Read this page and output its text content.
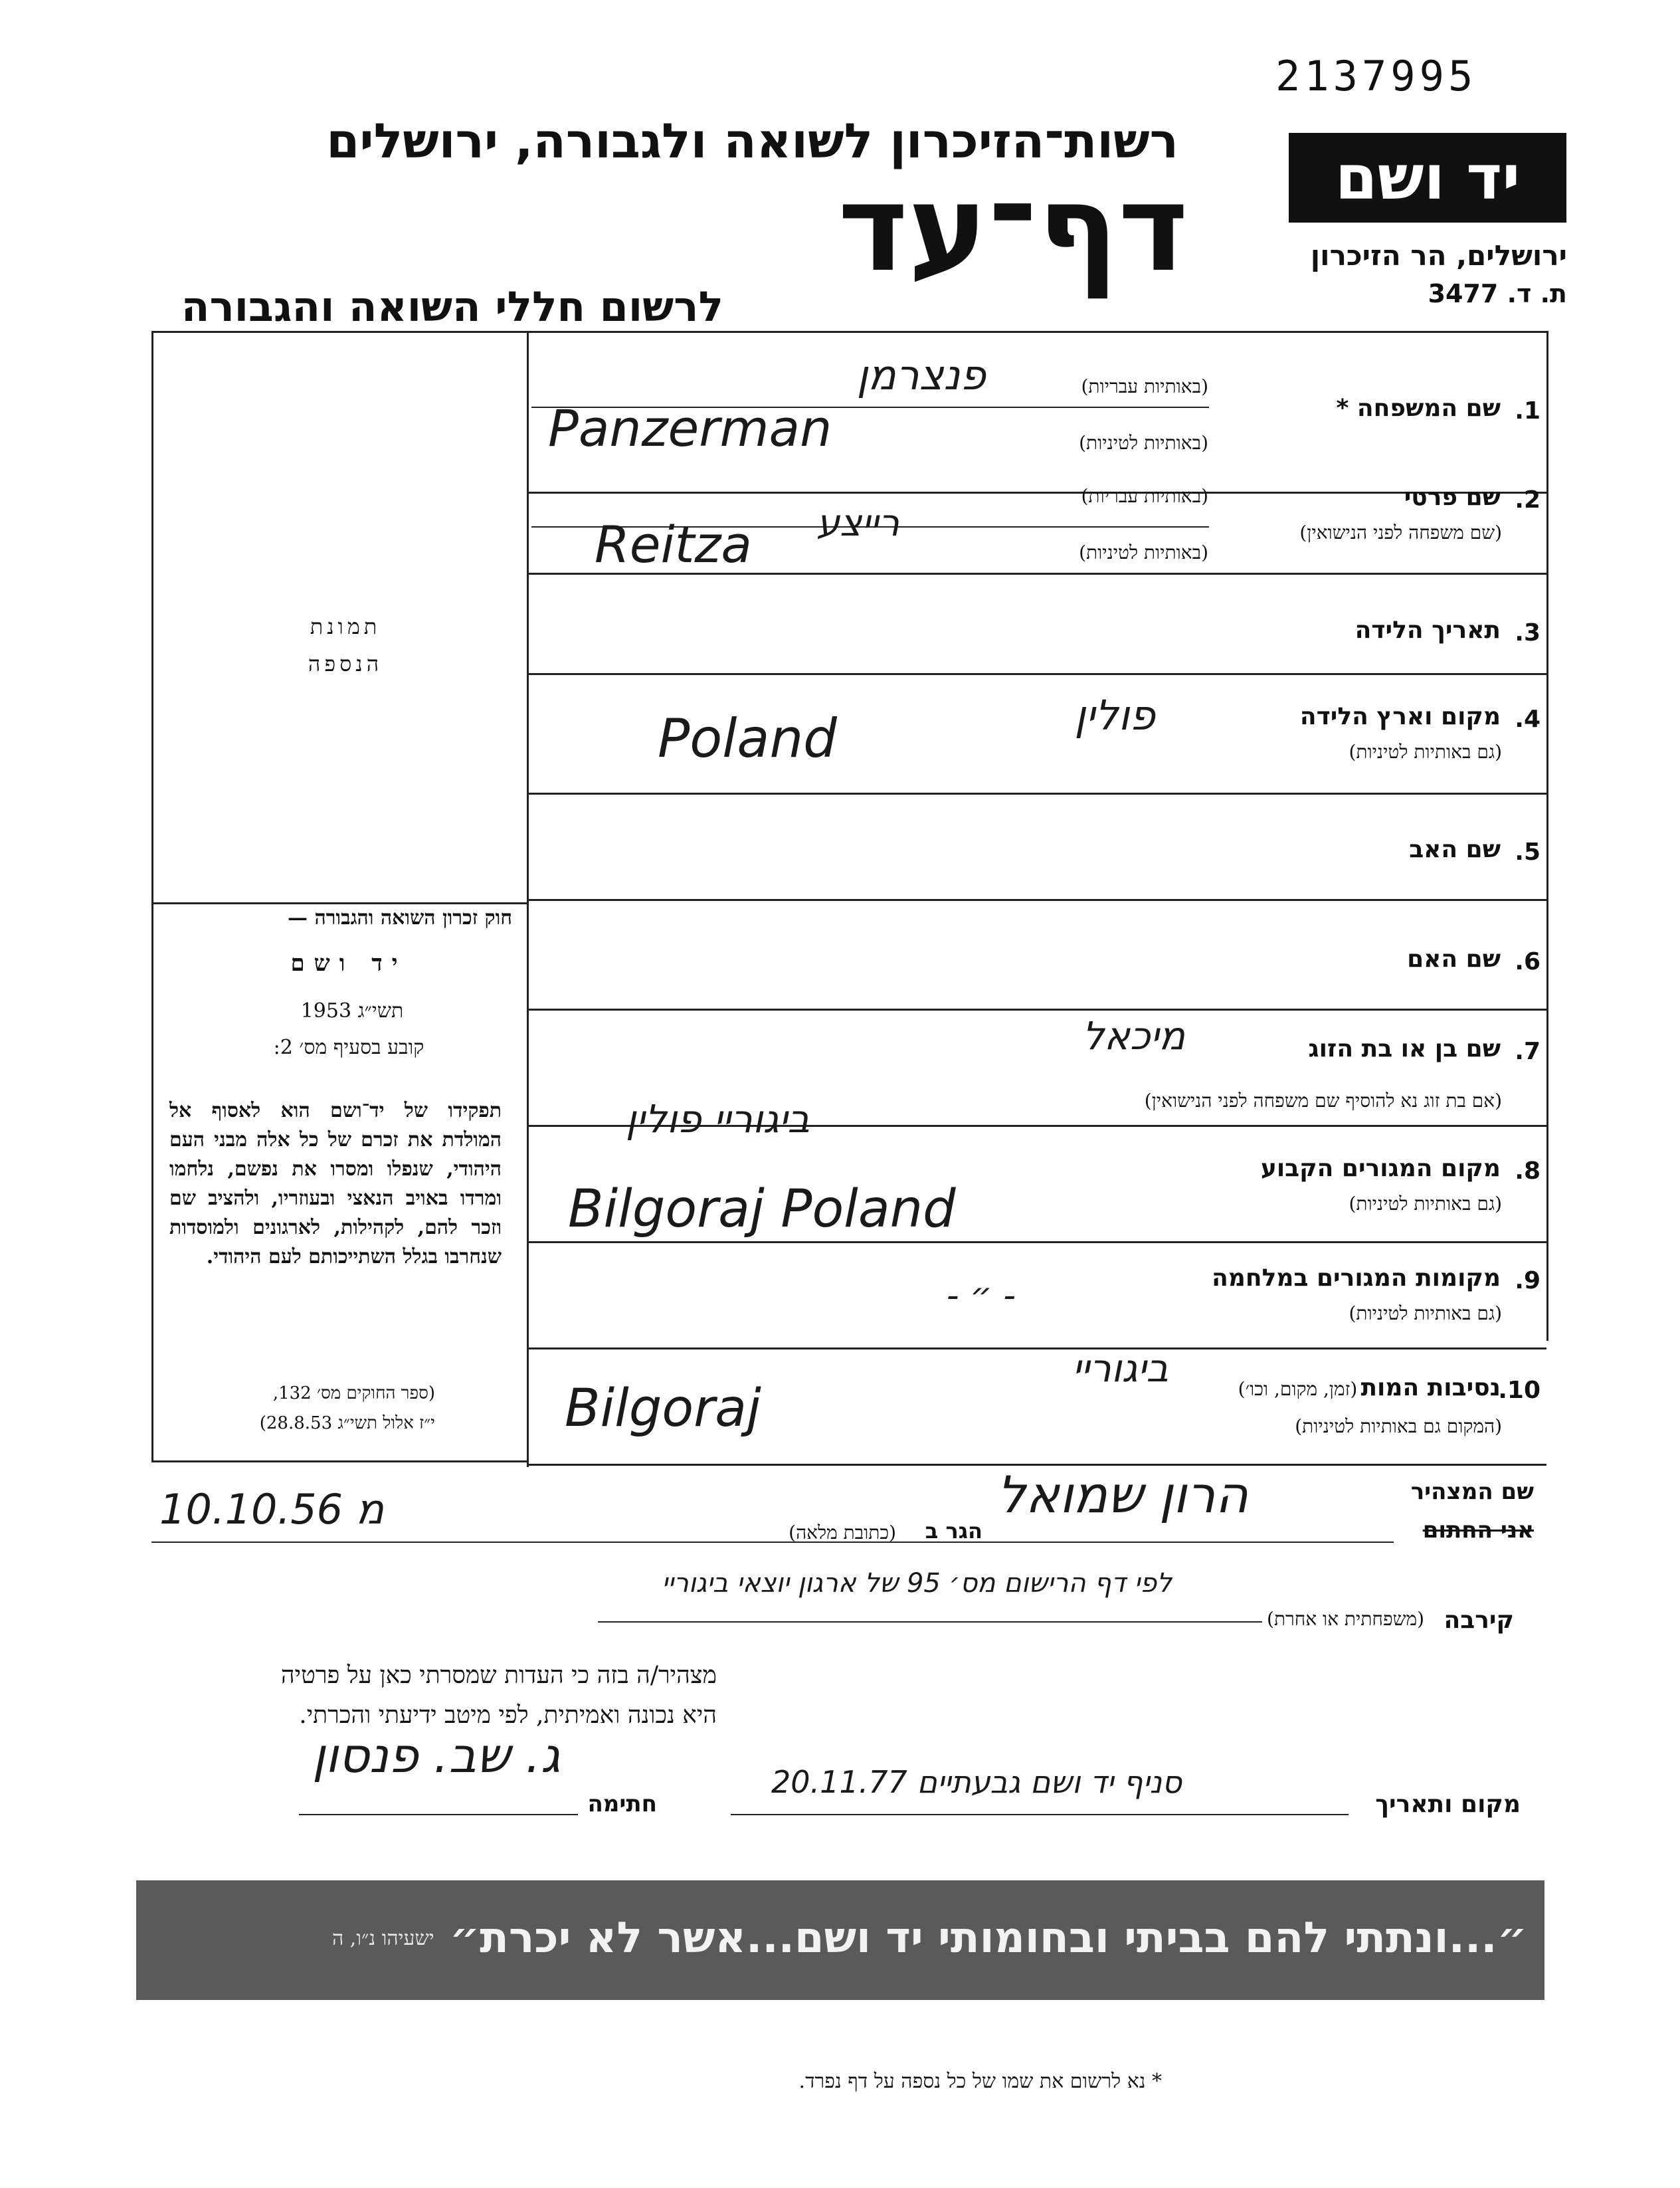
2137995
רשות־הזיכרון לשואה ולגבורה, ירושלים
דף־עד
לרשום חללי השואה והגבורה
יד ושם
ירושלים, הר הזיכרון
ת. ד. 3477
1.
שם המשפחה *
(באותיות עבריות)
(באותיות לטיניות)
פנצרמן
Panzerman
2.
שם פרטי
(שם משפחה לפני הנישואין)
(באותיות עבריות)
(באותיות לטיניות)
רייצע
Reitza
3.
תאריך הלידה
4.
מקום וארץ הלידה
(גם באותיות לטיניות)
פולין
Poland
5.
שם האב
6.
שם האם
7.
שם בן או בת הזוג
(אם בת זוג נא להוסיף שם משפחה לפני הנישואין)
מיכאל
8.
מקום המגורים הקבוע
(גם באותיות לטיניות)
ביגוריי פולין
Bilgoraj Poland
9.
מקומות המגורים במלחמה
(גם באותיות לטיניות)
- ״ -
10.
נסיבות המות (זמן, מקום, וכו׳)
(המקום גם באותיות לטיניות)
ביגוריי
Bilgoraj
תמונת
הנספה
חוק זכרון השואה והגבורה —
יד ושם
תשי״ג 1953
קובע בסעיף מס׳ 2:
תפקידו של יד־ושם הוא לאסוף אל המולדת את זכרם של כל אלה מבני העם היהודי, שנפלו ומסרו את נפשם, נלחמו ומרדו באויב הנאצי ובעוזריו, ולהציב שם וזכר להם, לקהילות, לארגונים ולמוסדות שנחרבו בגלל השתייכותם לעם היהודי.
(ספר החוקים מס׳ 132,
י״ז אלול תשי״ג 28.8.53)
שם המצהיר
אני החתום
הרון שמואל
הגר ב
(כתובת מלאה)
10.10.56 מ
קירבה
(משפחתית או אחרת)
לפי דף הרישום מס׳ 95 של ארגון יוצאי ביגוריי
מצהיר/ה בזה כי העדות שמסרתי כאן על פרטיה
היא נכונה ואמיתית, לפי מיטב ידיעתי והכרתי.
מקום ותאריך
סניף יד ושם גבעתיים 20.11.77
חתימה
ג. שב. פנסון
״...ונתתי להם בביתי ובחומותי יד ושם...אשר לא יכרת״
ישעיהו נ״ו, ה
* נא לרשום את שמו של כל נספה על דף נפרד.
